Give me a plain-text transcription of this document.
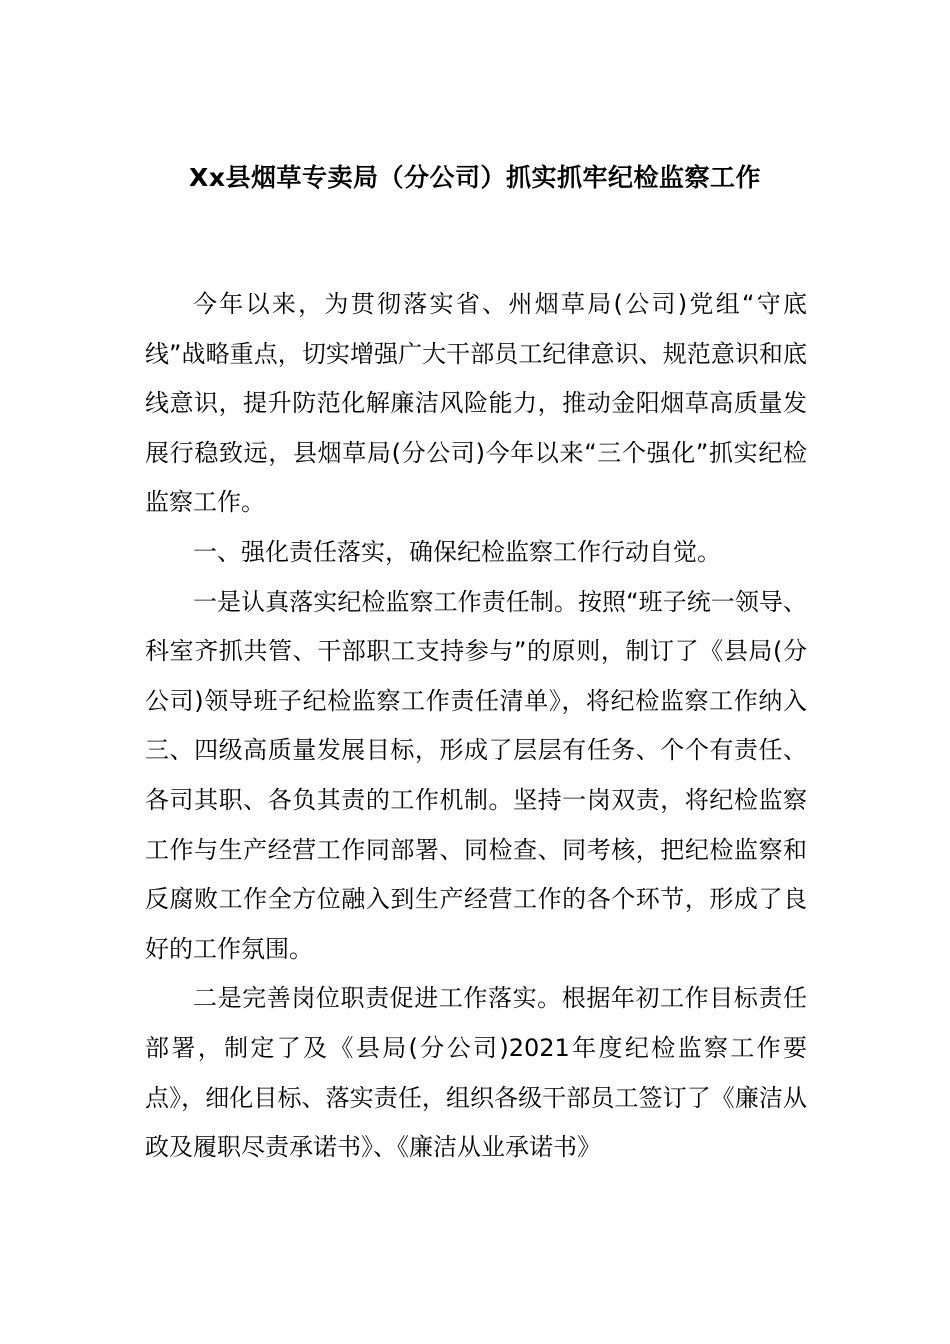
Xx县烟草专卖局（分公司）抓实抓牢纪检监察工作

今年以来，为贯彻落实省、州烟草局(公司)党组“守底线”战略重点，切实增强广大干部员工纪律意识、规范意识和底线意识，提升防范化解廉洁风险能力，推动金阳烟草高质量发展行稳致远，县烟草局(分公司)今年以来“三个强化”抓实纪检监察工作。

一、强化责任落实，确保纪检监察工作行动自觉。

一是认真落实纪检监察工作责任制。按照“班子统一领导、科室齐抓共管、干部职工支持参与”的原则，制订了《县局(分公司)领导班子纪检监察工作责任清单》，将纪检监察工作纳入三、四级高质量发展目标，形成了层层有任务、个个有责任、各司其职、各负其责的工作机制。坚持一岗双责，将纪检监察工作与生产经营工作同部署、同检查、同考核，把纪检监察和反腐败工作全方位融入到生产经营工作的各个环节，形成了良好的工作氛围。

二是完善岗位职责促进工作落实。根据年初工作目标责任部署，制定了及《县局(分公司)2021年度纪检监察工作要点》，细化目标、落实责任，组织各级干部员工签订了《廉洁从政及履职尽责承诺书》、《廉洁从业承诺书》
